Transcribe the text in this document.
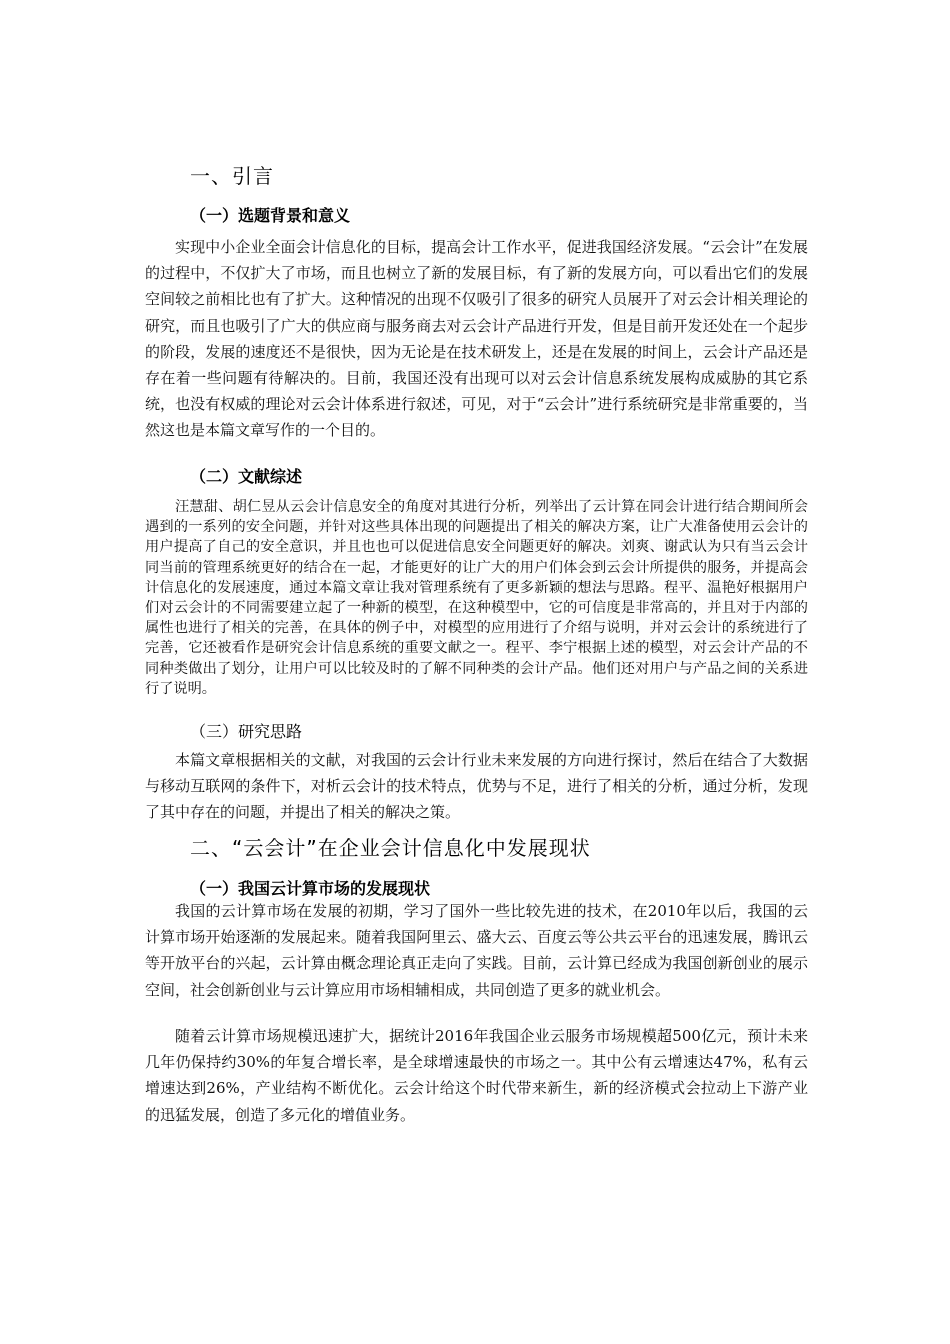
一、引言
（一）选题背景和意义
实现中小企业全面会计信息化的目标，提高会计工作水平，促进我国经济发展。“云会计”在发展的过程中，不仅扩大了市场，而且也树立了新的发展目标，有了新的发展方向，可以看出它们的发展空间较之前相比也有了扩大。这种情况的出现不仅吸引了很多的研究人员展开了对云会计相关理论的研究，而且也吸引了广大的供应商与服务商去对云会计产品进行开发，但是目前开发还处在一个起步的阶段，发展的速度还不是很快，因为无论是在技术研发上，还是在发展的时间上，云会计产品还是存在着一些问题有待解决的。目前，我国还没有出现可以对云会计信息系统发展构成威胁的其它系统，也没有权威的理论对云会计体系进行叙述，可见，对于“云会计”进行系统研究是非常重要的，当然这也是本篇文章写作的一个目的。
（二）文献综述
汪慧甜、胡仁昱从云会计信息安全的角度对其进行分析，列举出了云计算在同会计进行结合期间所会遇到的一系列的安全问题，并针对这些具体出现的问题提出了相关的解决方案，让广大准备使用云会计的用户提高了自己的安全意识，并且也也可以促进信息安全问题更好的解决。刘爽、谢武认为只有当云会计同当前的管理系统更好的结合在一起，才能更好的让广大的用户们体会到云会计所提供的服务，并提高会计信息化的发展速度，通过本篇文章让我对管理系统有了更多新颖的想法与思路。程平、温艳好根据用户们对云会计的不同需要建立起了一种新的模型，在这种模型中，它的可信度是非常高的，并且对于内部的属性也进行了相关的完善，在具体的例子中，对模型的应用进行了介绍与说明，并对云会计的系统进行了完善，它还被看作是研究会计信息系统的重要文献之一。程平、李宁根据上述的模型，对云会计产品的不同种类做出了划分，让用户可以比较及时的了解不同种类的会计产品。他们还对用户与产品之间的关系进行了说明。
（三）研究思路
本篇文章根据相关的文献，对我国的云会计行业未来发展的方向进行探讨，然后在结合了大数据与移动互联网的条件下，对析云会计的技术特点，优势与不足，进行了相关的分析，通过分析，发现了其中存在的问题，并提出了相关的解决之策。
二、“云会计”在企业会计信息化中发展现状
（一）我国云计算市场的发展现状
我国的云计算市场在发展的初期，学习了国外一些比较先进的技术，在2010年以后，我国的云计算市场开始逐渐的发展起来。随着我国阿里云、盛大云、百度云等公共云平台的迅速发展，腾讯云等开放平台的兴起，云计算由概念理论真正走向了实践。目前，云计算已经成为我国创新创业的展示空间，社会创新创业与云计算应用市场相辅相成，共同创造了更多的就业机会。
随着云计算市场规模迅速扩大，据统计2016年我国企业云服务市场规模超500亿元，预计未来几年仍保持约30%的年复合增长率，是全球增速最快的市场之一。其中公有云增速达47%，私有云增速达到26%，产业结构不断优化。云会计给这个时代带来新生，新的经济模式会拉动上下游产业的迅猛发展，创造了多元化的增值业务。
